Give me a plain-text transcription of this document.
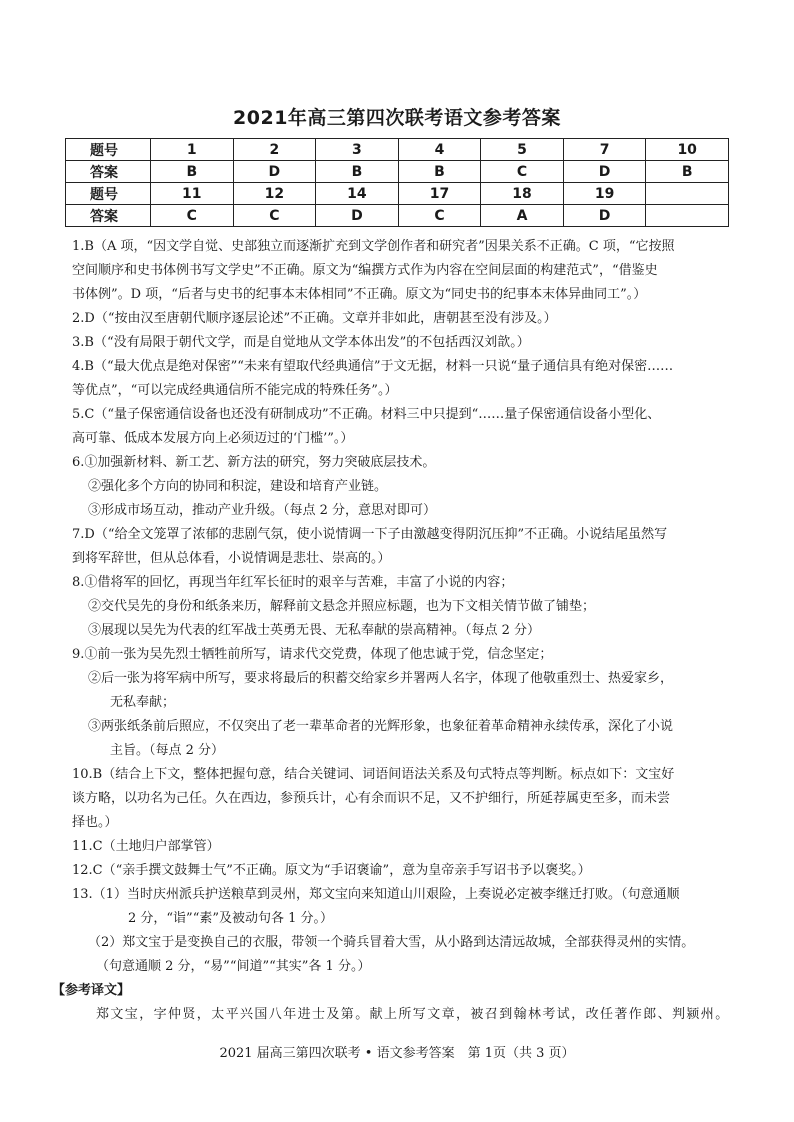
2021年高三第四次联考语文参考答案
题号	1	2	3	4	5	7	10
答案	B	D	B	B	C	D	B
题号	11	12	14	17	18	19	
答案	C	C	D	C	A	D	

1.B（A 项，“因文学自觉、史部独立而逐渐扩充到文学创作者和研究者”因果关系不正确。C 项，“它按照

空间顺序和史书体例书写文学史”不正确。原文为“编撰方式作为内容在空间层面的构建范式”，“借鉴史

书体例”。D 项，“后者与史书的纪事本末体相同”不正确。原文为“同史书的纪事本末体异曲同工”。）

2.D（“按由汉至唐朝代顺序逐层论述”不正确。文章并非如此，唐朝甚至没有涉及。）

3.B（“没有局限于朝代文学，而是自觉地从文学本体出发”的不包括西汉刘歆。）

4.B（“最大优点是绝对保密”“未来有望取代经典通信”于文无据，材料一只说“量子通信具有绝对保密……

等优点”，“可以完成经典通信所不能完成的特殊任务”。）

5.C（“量子保密通信设备也还没有研制成功”不正确。材料三中只提到“……量子保密通信设备小型化、

高可靠、低成本发展方向上必须迈过的‘门槛’”。）

6.①加强新材料、新工艺、新方法的研究，努力突破底层技术。

②强化多个方向的协同和积淀，建设和培育产业链。

③形成市场互动，推动产业升级。（每点 2 分，意思对即可）

7.D（“给全文笼罩了浓郁的悲剧气氛，使小说情调一下子由激越变得阴沉压抑”不正确。小说结尾虽然写

到将军辞世，但从总体看，小说情调是悲壮、崇高的。）

8.①借将军的回忆，再现当年红军长征时的艰辛与苦难，丰富了小说的内容；

②交代吴先的身份和纸条来历，解释前文悬念并照应标题，也为下文相关情节做了铺垫；

③展现以吴先为代表的红军战士英勇无畏、无私奉献的崇高精神。（每点 2 分）

9.①前一张为吴先烈士牺牲前所写，请求代交党费，体现了他忠诚于党，信念坚定；

②后一张为将军病中所写，要求将最后的积蓄交给家乡并署两人名字，体现了他敬重烈士、热爱家乡，

无私奉献；

③两张纸条前后照应，不仅突出了老一辈革命者的光辉形象，也象征着革命精神永续传承，深化了小说

主旨。（每点 2 分）

10.B（结合上下文，整体把握句意，结合关键词、词语间语法关系及句式特点等判断。标点如下：文宝好

谈方略，以功名为己任。久在西边，参预兵计，心有余而识不足，又不护细行，所延荐属吏至多，而未尝

择也。）

11.C（土地归户部掌管）

12.C（“亲手撰文鼓舞士气”不正确。原文为“手诏褒谕”，意为皇帝亲手写诏书予以褒奖。）

13.（1）当时庆州派兵护送粮草到灵州，郑文宝向来知道山川艰险，上奏说必定被李继迁打败。（句意通顺

2 分，“诣”“素”及被动句各 1 分。）

（2）郑文宝于是变换自己的衣服，带领一个骑兵冒着大雪，从小路到达清远故城，全部获得灵州的实情。

（句意通顺 2 分，“易”“间道”“其实”各 1 分。）

【参考译文】

郑文宝，字仲贤，太平兴国八年进士及第。献上所写文章，被召到翰林考试，改任著作郎、判颍州。

2021 届高三第四次联考 • 语文参考答案　第 1页（共 3 页）
